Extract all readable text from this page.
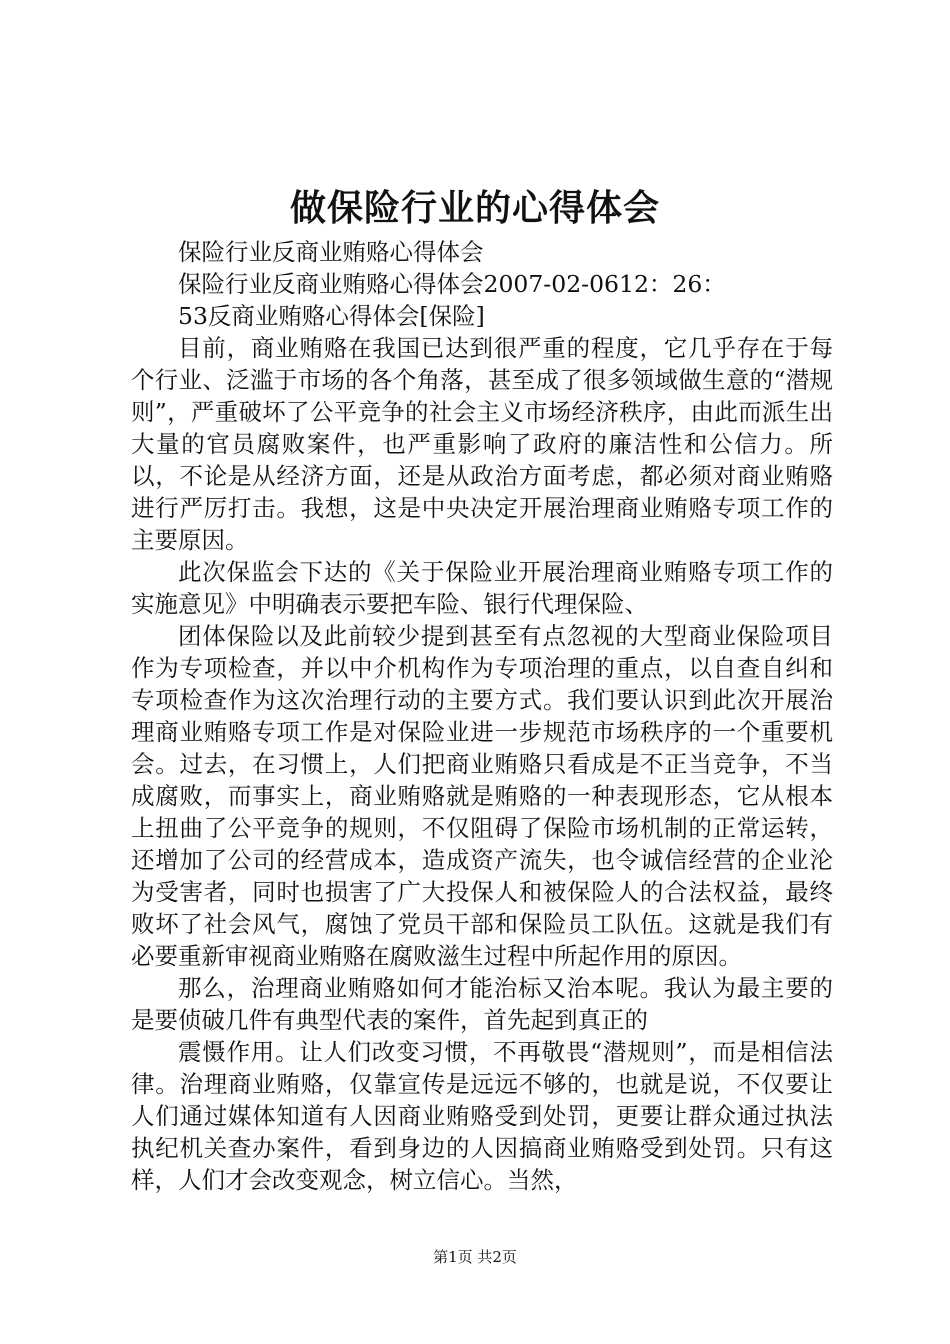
做保险行业的心得体会

保险行业反商业贿赂心得体会

保险行业反商业贿赂心得体会2007-02-0612：26：

53反商业贿赂心得体会[保险]

目前，商业贿赂在我国已达到很严重的程度，它几乎存在于每个行业、泛滥于市场的各个角落，甚至成了很多领域做生意的“潜规则”，严重破坏了公平竞争的社会主义市场经济秩序，由此而派生出大量的官员腐败案件，也严重影响了政府的廉洁性和公信力。所以，不论是从经济方面，还是从政治方面考虑，都必须对商业贿赂进行严厉打击。我想，这是中央决定开展治理商业贿赂专项工作的主要原因。

此次保监会下达的《关于保险业开展治理商业贿赂专项工作的实施意见》中明确表示要把车险、银行代理保险、

团体保险以及此前较少提到甚至有点忽视的大型商业保险项目作为专项检查，并以中介机构作为专项治理的重点，以自查自纠和专项检查作为这次治理行动的主要方式。我们要认识到此次开展治理商业贿赂专项工作是对保险业进一步规范市场秩序的一个重要机会。过去，在习惯上，人们把商业贿赂只看成是不正当竞争，不当成腐败，而事实上，商业贿赂就是贿赂的一种表现形态，它从根本上扭曲了公平竞争的规则，不仅阻碍了保险市场机制的正常运转，还增加了公司的经营成本，造成资产流失，也令诚信经营的企业沦为受害者，同时也损害了广大投保人和被保险人的合法权益，最终败坏了社会风气，腐蚀了党员干部和保险员工队伍。这就是我们有必要重新审视商业贿赂在腐败滋生过程中所起作用的原因。

那么，治理商业贿赂如何才能治标又治本呢。我认为最主要的是要侦破几件有典型代表的案件，首先起到真正的

震慑作用。让人们改变习惯，不再敬畏“潜规则”，而是相信法律。治理商业贿赂，仅靠宣传是远远不够的，也就是说，不仅要让人们通过媒体知道有人因商业贿赂受到处罚，更要让群众通过执法执纪机关查办案件，看到身边的人因搞商业贿赂受到处罚。只有这样，人们才会改变观念，树立信心。当然，

第1页 共2页
